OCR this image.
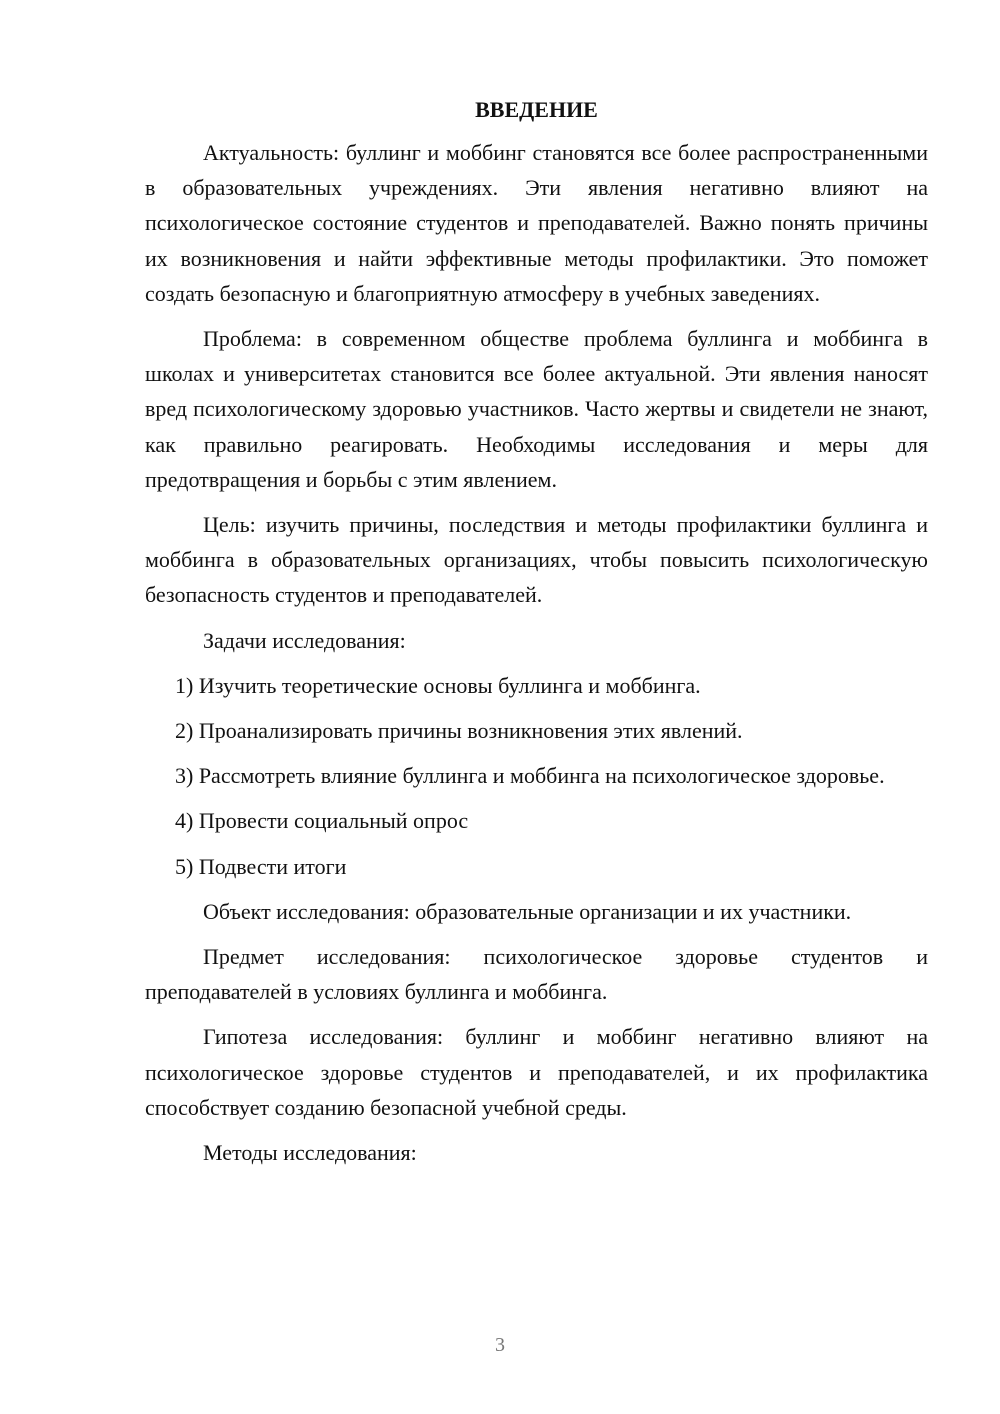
ВВЕДЕНИЕ

Актуальность: буллинг и моббинг становятся все более распространенными в образовательных учреждениях. Эти явления негативно влияют на психологическое состояние студентов и преподавателей. Важно понять причины их возникновения и найти эффективные методы профилактики. Это поможет создать безопасную и благоприятную атмосферу в учебных заведениях.

Проблема: в современном обществе проблема буллинга и моббинга в школах и университетах становится все более актуальной. Эти явления наносят вред психологическому здоровью участников. Часто жертвы и свидетели не знают, как правильно реагировать. Необходимы исследования и меры для предотвращения и борьбы с этим явлением.

Цель: изучить причины, последствия и методы профилактики буллинга и моббинга в образовательных организациях, чтобы повысить психологическую безопасность студентов и преподавателей.

Задачи исследования:

1) Изучить теоретические основы буллинга и моббинга.

2) Проанализировать причины возникновения этих явлений.

3) Рассмотреть влияние буллинга и моббинга на психологическое здоровье.

4) Провести социальный опрос

5) Подвести итоги

Объект исследования: образовательные организации и их участники.

Предмет исследования: психологическое здоровье студентов и преподавателей в условиях буллинга и моббинга.

Гипотеза исследования: буллинг и моббинг негативно влияют на психологическое здоровье студентов и преподавателей, и их профилактика способствует созданию безопасной учебной среды.

Методы исследования:

3
